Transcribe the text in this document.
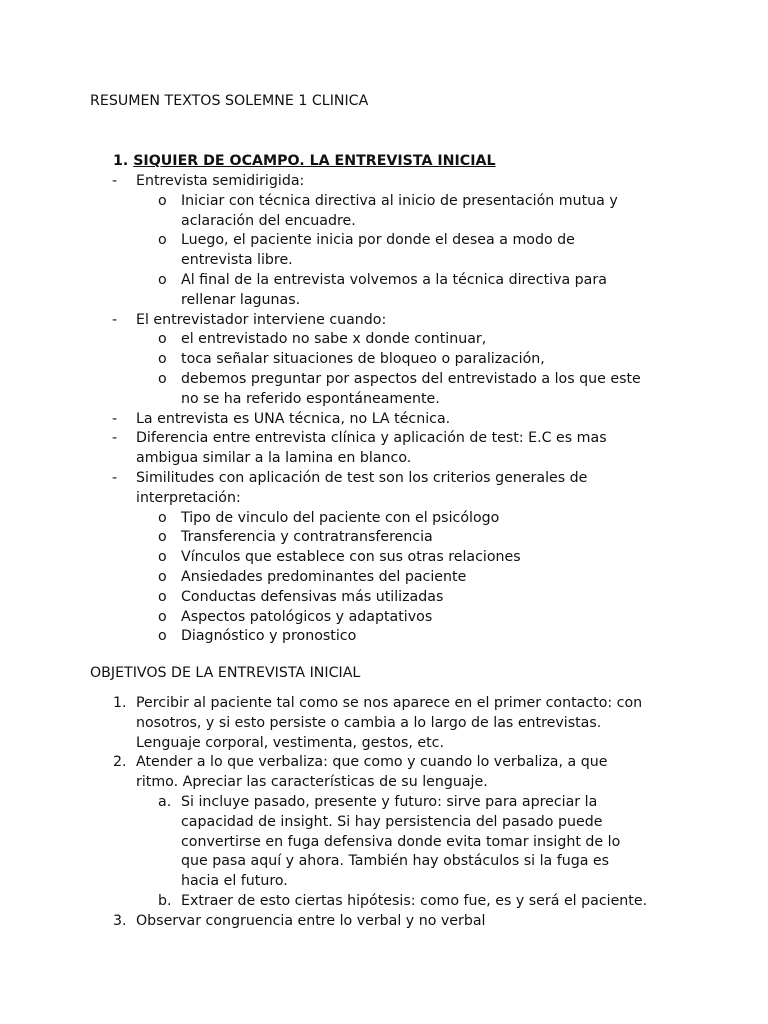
RESUMEN TEXTOS SOLEMNE 1 CLINICA
1. SIQUIER DE OCAMPO. LA ENTREVISTA INICIAL
- Entrevista semidirigida:
o Iniciar con técnica directiva al inicio de presentación mutua y
aclaración del encuadre.
o Luego, el paciente inicia por donde el desea a modo de
entrevista libre.
o Al final de la entrevista volvemos a la técnica directiva para
rellenar lagunas.
- El entrevistador interviene cuando:
o el entrevistado no sabe x donde continuar,
o toca señalar situaciones de bloqueo o paralización,
o debemos preguntar por aspectos del entrevistado a los que este
no se ha referido espontáneamente.
- La entrevista es UNA técnica, no LA técnica.
- Diferencia entre entrevista clínica y aplicación de test: E.C es mas
ambigua similar a la lamina en blanco.
- Similitudes con aplicación de test son los criterios generales de
interpretación:
o Tipo de vinculo del paciente con el psicólogo
o Transferencia y contratransferencia
o Vínculos que establece con sus otras relaciones
o Ansiedades predominantes del paciente
o Conductas defensivas más utilizadas
o Aspectos patológicos y adaptativos
o Diagnóstico y pronostico
OBJETIVOS DE LA ENTREVISTA INICIAL
1. Percibir al paciente tal como se nos aparece en el primer contacto: con
nosotros, y si esto persiste o cambia a lo largo de las entrevistas.
Lenguaje corporal, vestimenta, gestos, etc.
2. Atender a lo que verbaliza: que como y cuando lo verbaliza, a que
ritmo. Apreciar las características de su lenguaje.
a. Si incluye pasado, presente y futuro: sirve para apreciar la
capacidad de insight. Si hay persistencia del pasado puede
convertirse en fuga defensiva donde evita tomar insight de lo
que pasa aquí y ahora. También hay obstáculos si la fuga es
hacia el futuro.
b. Extraer de esto ciertas hipótesis: como fue, es y será el paciente.
3. Observar congruencia entre lo verbal y no verbal
